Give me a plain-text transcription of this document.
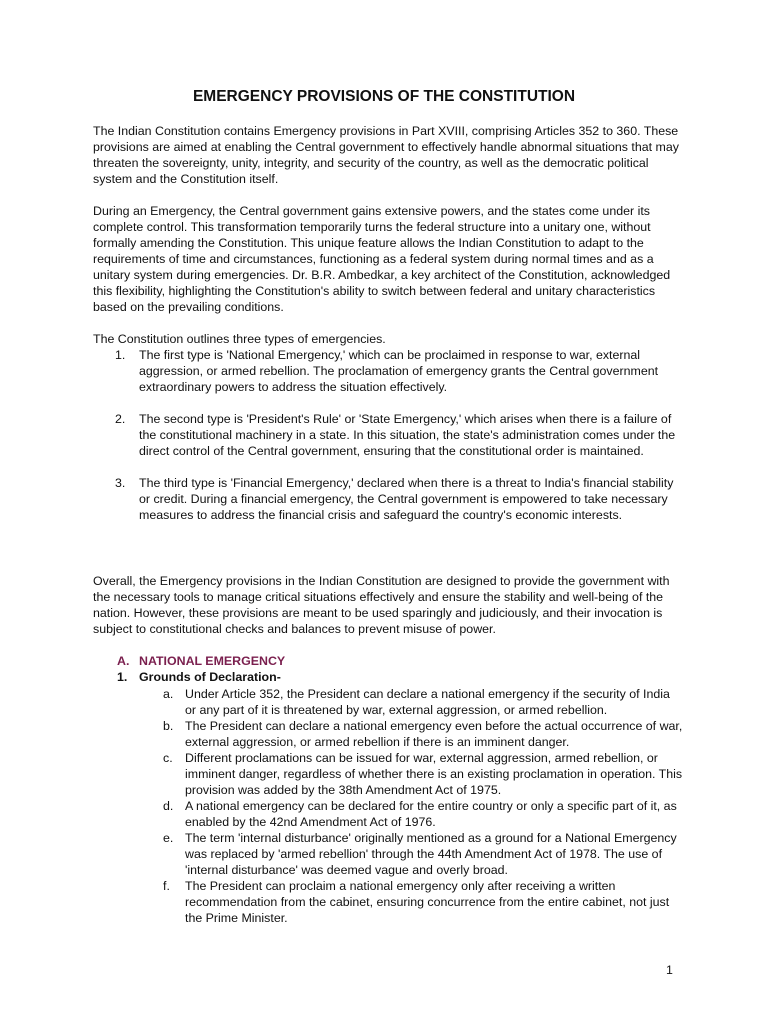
EMERGENCY PROVISIONS OF THE CONSTITUTION

The Indian Constitution contains Emergency provisions in Part XVIII, comprising Articles 352 to 360. These provisions are aimed at enabling the Central government to effectively handle abnormal situations that may threaten the sovereignty, unity, integrity, and security of the country, as well as the democratic political system and the Constitution itself.

During an Emergency, the Central government gains extensive powers, and the states come under its complete control. This transformation temporarily turns the federal structure into a unitary one, without formally amending the Constitution. This unique feature allows the Indian Constitution to adapt to the requirements of time and circumstances, functioning as a federal system during normal times and as a unitary system during emergencies. Dr. B.R. Ambedkar, a key architect of the Constitution, acknowledged this flexibility, highlighting the Constitution's ability to switch between federal and unitary characteristics based on the prevailing conditions.

The Constitution outlines three types of emergencies.

1. The first type is 'National Emergency,' which can be proclaimed in response to war, external aggression, or armed rebellion. The proclamation of emergency grants the Central government extraordinary powers to address the situation effectively.
2. The second type is 'President's Rule' or 'State Emergency,' which arises when there is a failure of the constitutional machinery in a state. In this situation, the state's administration comes under the direct control of the Central government, ensuring that the constitutional order is maintained.
3. The third type is 'Financial Emergency,' declared when there is a threat to India's financial stability or credit. During a financial emergency, the Central government is empowered to take necessary measures to address the financial crisis and safeguard the country's economic interests.

Overall, the Emergency provisions in the Indian Constitution are designed to provide the government with the necessary tools to manage critical situations effectively and ensure the stability and well-being of the nation. However, these provisions are meant to be used sparingly and judiciously, and their invocation is subject to constitutional checks and balances to prevent misuse of power.

A. NATIONAL EMERGENCY
1. Grounds of Declaration-
a. Under Article 352, the President can declare a national emergency if the security of India or any part of it is threatened by war, external aggression, or armed rebellion.
b. The President can declare a national emergency even before the actual occurrence of war, external aggression, or armed rebellion if there is an imminent danger.
c. Different proclamations can be issued for war, external aggression, armed rebellion, or imminent danger, regardless of whether there is an existing proclamation in operation. This provision was added by the 38th Amendment Act of 1975.
d. A national emergency can be declared for the entire country or only a specific part of it, as enabled by the 42nd Amendment Act of 1976.
e. The term 'internal disturbance' originally mentioned as a ground for a National Emergency was replaced by 'armed rebellion' through the 44th Amendment Act of 1978. The use of 'internal disturbance' was deemed vague and overly broad.
f. The President can proclaim a national emergency only after receiving a written recommendation from the cabinet, ensuring concurrence from the entire cabinet, not just the Prime Minister.
1
